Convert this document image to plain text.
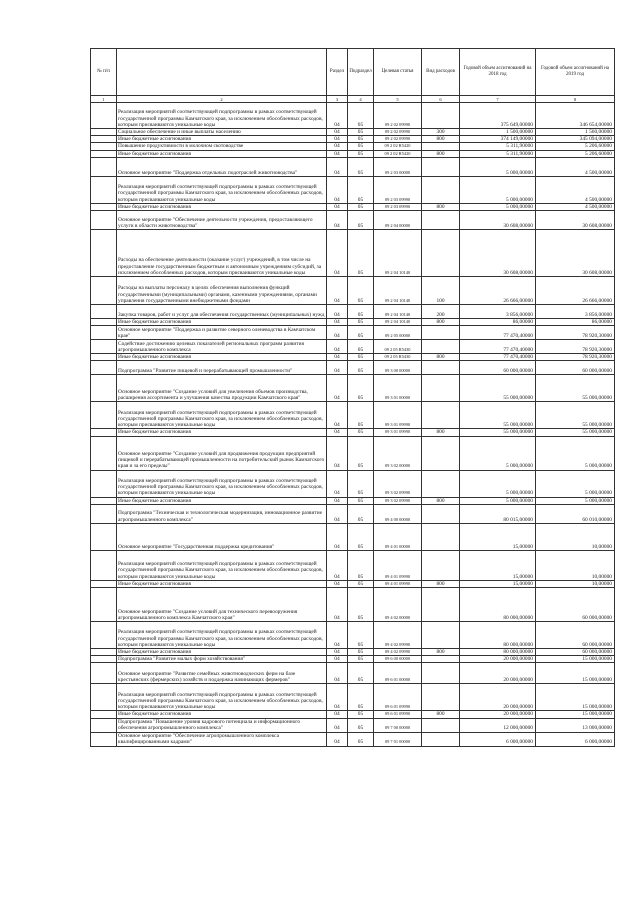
№ п/п		Раздел	Подраздел	Целевая статья	Вид расходов	Годовой объем ассигнований на 2018 год	Годовой объем ассигнований на 2019 год
1	2	3	4	5	6	7	8
	Реализация мероприятий соответствующей подпрограммы в рамках соответствующей государственной программы Камчатского края, за исключением обособленных расходов, которым присваиваются уникальные коды	04	05	09 2 02 09990		375 649,00000	346 654,00000
	Социальное обеспечение и иные выплаты населению	04	05	09 2 02 09990	300	1 500,00000	1 560,00000
	Иные бюджетные ассигнования	04	05	09 2 02 09990	800	374 149,00000	345 094,00000
	Повышение продуктивности в молочном скотоводстве	04	05	09 2 02 R5420		5 311,90000	5 206,60000
	Иные бюджетные ассигнования	04	05	09 2 02 R5420	800	5 311,90000	5 206,60000
	Основное мероприятие "Поддержка отдельных подотраслей животноводства"	04	05	09 2 03 00000		5 000,00000	4 500,00000
	Реализация мероприятий соответствующей подпрограммы в рамках соответствующей государственной программы Камчатского края, за исключением обособленных расходов, которым присваиваются уникальные коды	04	05	09 2 03 09990		5 000,00000	4 500,00000
	Иные бюджетные ассигнования	04	05	09 2 03 09990	800	5 000,00000	4 500,00000
	Основное мероприятие "Обеспечение деятельности учреждения, предоставляющего услуги в области животноводства"	04	05	09 2 04 00000		30 608,00000	30 608,00000
	Расходы на обеспечение деятельности (оказание услуг) учреждений, в том числе на предоставление государственным бюджетным и автономным учреждениям субсидий, за исключением обособленных расходов, которым присваиваются уникальные коды	04	05	09 2 04 10140		30 608,00000	30 608,00000
	Расходы на выплаты персоналу в целях обеспечения выполнения функций государственными (муниципальными) органами, казенными учреждениями, органами управления государственными внебюджетными фондами	04	05	09 2 04 10140	100	26 666,00000	26 666,00000
	Закупка товаров, работ и услуг для обеспечения государственных (муниципальных) нужд	04	05	09 2 04 10140	200	3 856,00000	3 856,00000
	Иные бюджетные ассигнования	04	05	09 2 04 10140	800	86,00000	86,00000
	Основное мероприятие "Поддержка и развитие северного оленеводства в Камчатском крае"	04	05	09 2 05 00000		77 470,40000	78 920,30000
	Содействие достижению целевых показателей региональных программ развития агропромышленного комплекса	04	05	09 2 05 R5430		77 470,40000	78 920,30000
	Иные бюджетные ассигнования	04	05	09 2 05 R5430	800	77 470,40000	78 920,30000
	Подпрограмма "Развитие пищевой и перерабатывающей промышленности"	04	05	09 3 00 00000		60 000,00000	60 000,00000
	Основное мероприятие "Создание условий для увеличения объемов производства, расширения ассортимента и улучшения качества продукции Камчатского края"	04	05	09 3 01 00000		55 000,00000	55 000,00000
	Реализация мероприятий соответствующей подпрограммы в рамках соответствующей государственной программы Камчатского края, за исключением обособленных расходов, которым присваиваются уникальные коды	04	05	09 3 01 09990		55 000,00000	55 000,00000
	Иные бюджетные ассигнования	04	05	09 3 01 09990	800	55 000,00000	55 000,00000
	Основное мероприятие "Создание условий для продвижения продукции предприятий пищевой и перерабатывающей промышленности на потребительский рынок Камчатского края и за его пределы"	04	05	09 3 02 00000		5 000,00000	5 000,00000
	Реализация мероприятий соответствующей подпрограммы в рамках соответствующей государственной программы Камчатского края, за исключением обособленных расходов, которым присваиваются уникальные коды	04	05	09 3 02 09990		5 000,00000	5 000,00000
	Иные бюджетные ассигнования	04	05	09 3 02 09990	800	5 000,00000	5 000,00000
	Подпрограмма "Техническая и технологическая модернизация, инновационное развитие агропромышленного комплекса"	04	05	09 4 00 00000		80 015,00000	60 010,00000
	Основное мероприятие "Государственная поддержка кредитования"	04	05	09 4 01 00000		15,00000	10,00000
	Реализация мероприятий соответствующей подпрограммы в рамках соответствующей государственной программы Камчатского края, за исключением обособленных расходов, которым присваиваются уникальные коды	04	05	09 4 01 09990		15,00000	10,00000
	Иные бюджетные ассигнования	04	05	09 4 01 09990	800	15,00000	10,00000
	Основное мероприятие "Создание условий для технического перевооружения агропромышленного комплекса Камчатского края"	04	05	09 4 02 00000		80 000,00000	60 000,00000
	Реализация мероприятий соответствующей подпрограммы в рамках соответствующей государственной программы Камчатского края, за исключением обособленных расходов, которым присваиваются уникальные коды	04	05	09 4 02 09990		80 000,00000	60 000,00000
	Иные бюджетные ассигнования	04	05	09 4 02 09990	800	80 000,00000	60 000,00000
	Подпрограмма "Развитие малых форм хозяйствования"	04	05	09 6 00 00000		20 000,00000	15 000,00000
	Основное мероприятие "Развитие семейных животноводческих ферм на базе крестьянских (фермерских) хозяйств и поддержка начинающих фермеров"	04	05	09 6 01 00000		20 000,00000	15 000,00000
	Реализация мероприятий соответствующей подпрограммы в рамках соответствующей государственной программы Камчатского края, за исключением обособленных расходов, которым присваиваются уникальные коды	04	05	09 6 01 09990		20 000,00000	15 000,00000
	Иные бюджетные ассигнования	04	05	09 6 01 09990	800	20 000,00000	15 000,00000
	Подпрограмма "Повышение уровня кадрового потенциала и информационного обеспечения агропромышленного комплекса"	04	05	09 7 00 00000		12 000,00000	13 000,00000
	Основное мероприятие "Обеспечение агропромышленного комплекса квалифицированными кадрами"	04	05	09 7 01 00000		6 000,00000	6 000,00000
